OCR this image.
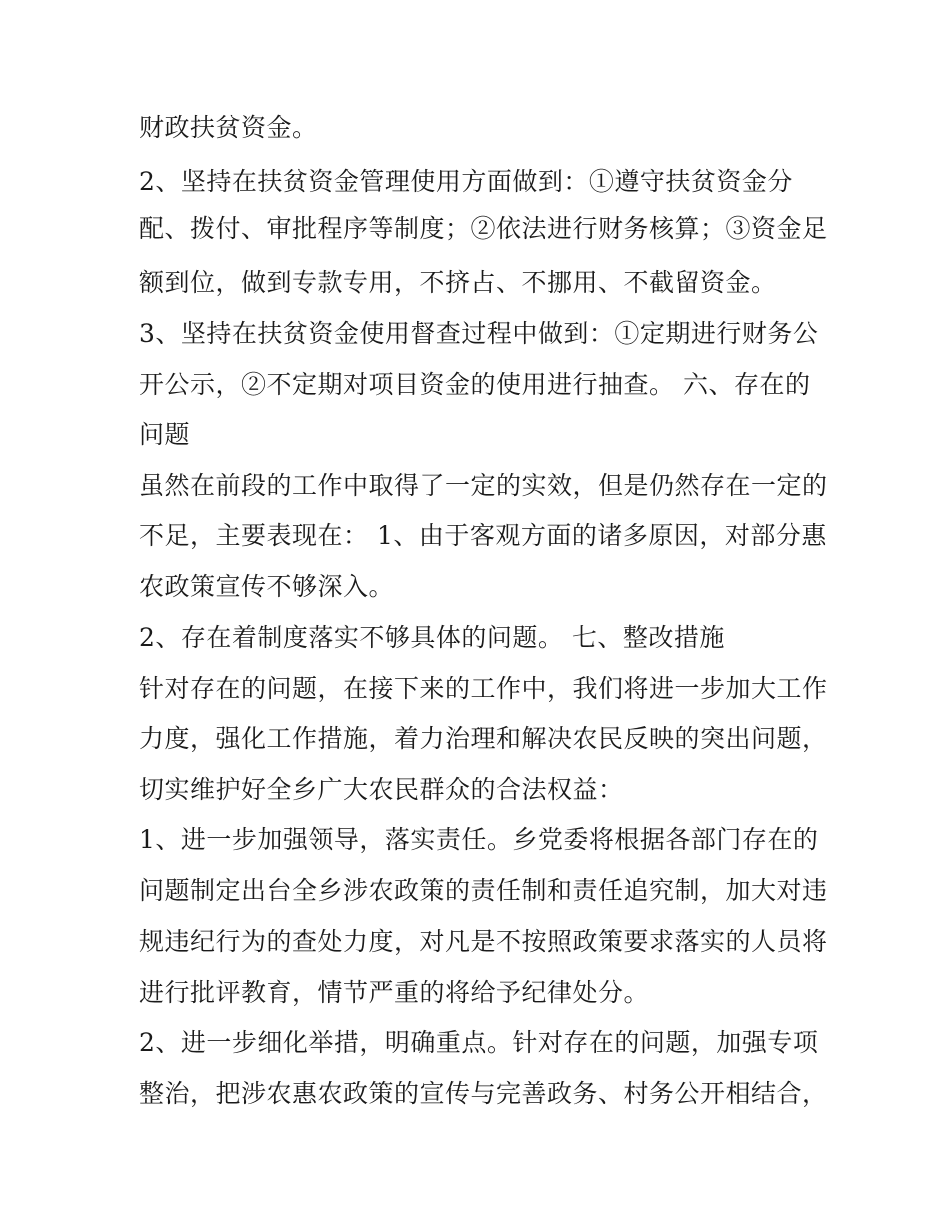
财政扶贫资金。
2、坚持在扶贫资金管理使用方面做到：①遵守扶贫资金分
配、拨付、审批程序等制度；②依法进行财务核算；③资金足
额到位，做到专款专用，不挤占、不挪用、不截留资金。
3、坚持在扶贫资金使用督查过程中做到：①定期进行财务公
开公示，②不定期对项目资金的使用进行抽查。 六、存在的
问题
虽然在前段的工作中取得了一定的实效，但是仍然存在一定的
不足，主要表现在： 1、由于客观方面的诸多原因，对部分惠
农政策宣传不够深入。
2、存在着制度落实不够具体的问题。 七、整改措施
针对存在的问题，在接下来的工作中，我们将进一步加大工作
力度，强化工作措施，着力治理和解决农民反映的突出问题，
切实维护好全乡广大农民群众的合法权益：
1、进一步加强领导，落实责任。乡党委将根据各部门存在的
问题制定出台全乡涉农政策的责任制和责任追究制，加大对违
规违纪行为的查处力度，对凡是不按照政策要求落实的人员将
进行批评教育，情节严重的将给予纪律处分。
2、进一步细化举措，明确重点。针对存在的问题，加强专项
整治，把涉农惠农政策的宣传与完善政务、村务公开相结合，
